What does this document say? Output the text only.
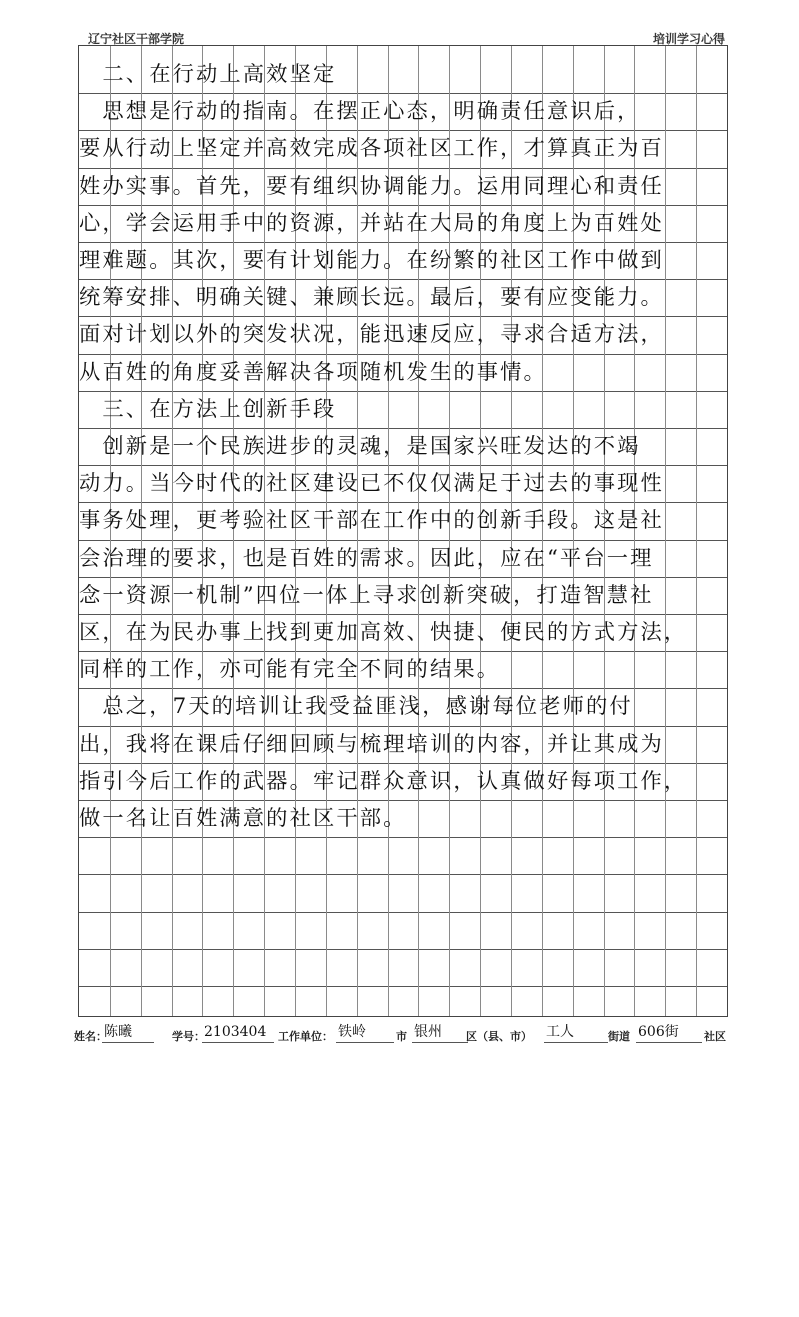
辽宁社区干部学院	培训学习心得
　二、在行动上高效坚定
　思想是行动的指南。在摆正心态，明确责任意识后，
要从行动上坚定并高效完成各项社区工作，才算真正为百
姓办实事。首先，要有组织协调能力。运用同理心和责任
心，学会运用手中的资源，并站在大局的角度上为百姓处
理难题。其次，要有计划能力。在纷繁的社区工作中做到
统筹安排、明确关键、兼顾长远。最后，要有应变能力。
面对计划以外的突发状况，能迅速反应，寻求合适方法，
从百姓的角度妥善解决各项随机发生的事情。
　三、在方法上创新手段
　创新是一个民族进步的灵魂，是国家兴旺发达的不竭
动力。当今时代的社区建设已不仅仅满足于过去的事现性
事务处理，更考验社区干部在工作中的创新手段。这是社
会治理的要求，也是百姓的需求。因此，应在“平台一理
念一资源一机制”四位一体上寻求创新突破，打造智慧社
区，在为民办事上找到更加高效、快捷、便民的方式方法，
同样的工作，亦可能有完全不同的结果。
　总之，7天的培训让我受益匪浅，感谢每位老师的付
出，我将在课后仔细回顾与梳理培训的内容，并让其成为
指引今后工作的武器。牢记群众意识，认真做好每项工作，
做一名让百姓满意的社区干部。
姓名：
陈曦	学号： 2103404	工作单位： 铁岭	市 银州	区（县、市） 工人	街道 606街	社区
